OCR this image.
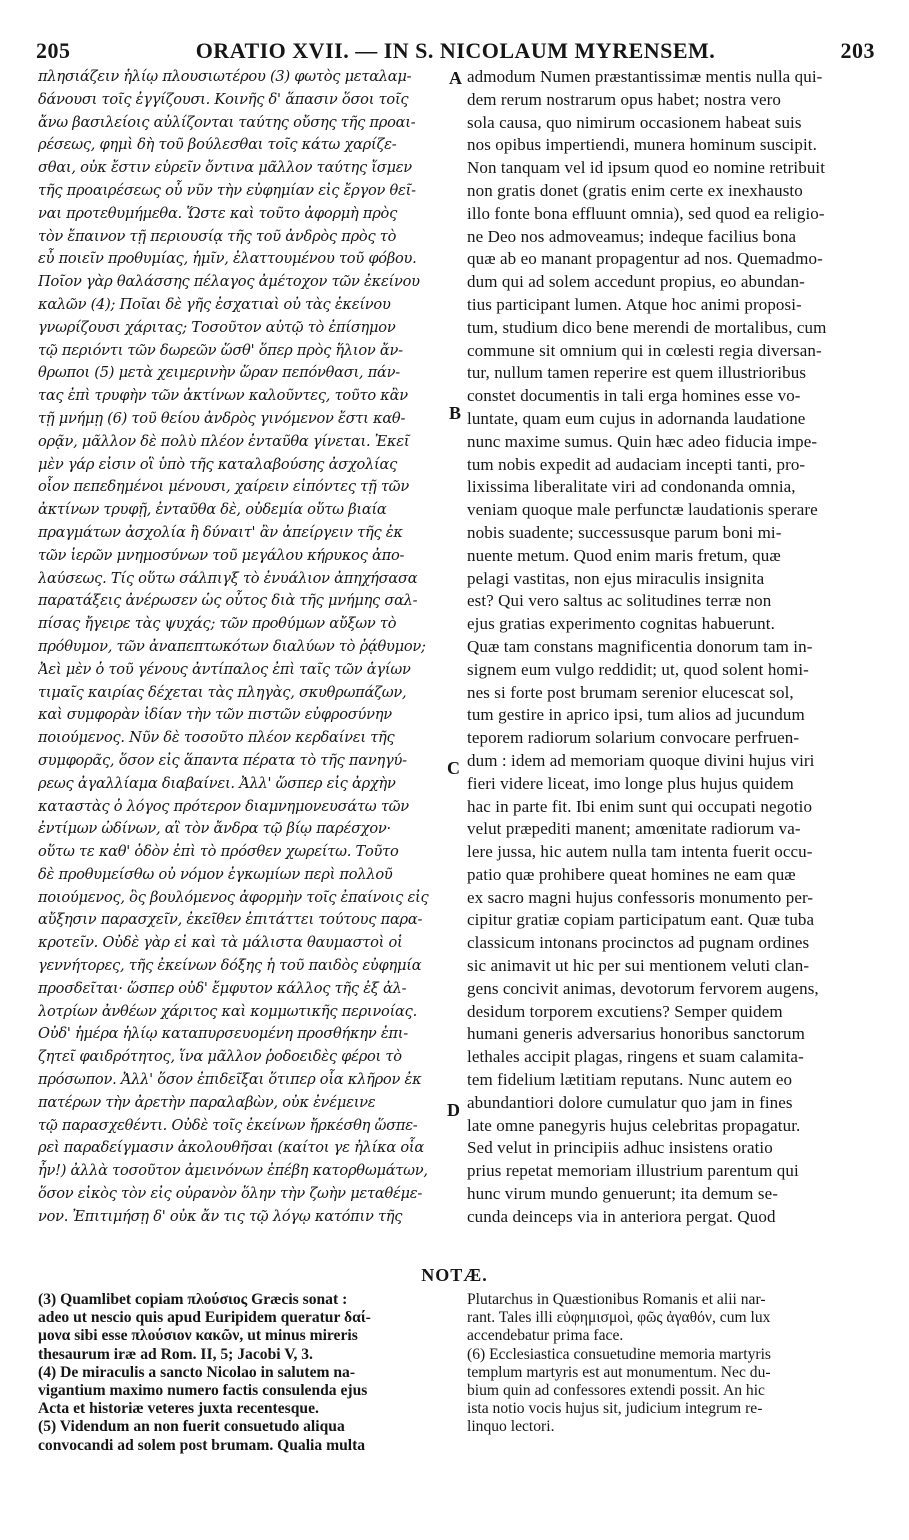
205	ORATIO XVII. — IN S. NICOLAUM MYRENSEM.	203
πλησιάζειν ἡλίῳ πλουσιωτέρου (3) φωτὸς μεταλαμ-
δάνουσι τοῖς ἐγγίζουσι. Κοινῆς δ' ἅπασιν ὅσοι τοῖς
ἄνω βασιλείοις αὐλίζονται ταύτης οὔσης τῆς προαι-
ρέσεως, φημὶ δὴ τοῦ βούλεσθαι τοῖς κάτω χαρίζε-
σθαι, οὐκ ἔστιν εὑρεῖν ὄντινα μᾶλλον ταύτης ἴσμεν
τῆς προαιρέσεως οὗ νῦν τὴν εὐφημίαν εἰς ἔργον θεῖ-
ναι προτεθυμήμεθα. Ὥστε καὶ τοῦτο ἀφορμὴ πρὸς
τὸν ἔπαινον τῇ περιουσίᾳ τῆς τοῦ ἀνδρὸς πρὸς τὸ
εὖ ποιεῖν προθυμίας, ἡμῖν, ἐλαττουμένου τοῦ φόβου.
Ποῖον γὰρ θαλάσσης πέλαγος ἀμέτοχον τῶν ἐκείνου
καλῶν (4); Ποῖαι δὲ γῆς ἐσχατιαὶ οὐ τὰς ἐκείνου
γνωρίζουσι χάριτας; Τοσοῦτον αὐτῷ τὸ ἐπίσημον
τῷ περιόντι τῶν δωρεῶν ὥσθ' ὅπερ πρὸς ἥλιον ἄν-
θρωποι (5) μετὰ χειμερινὴν ὥραν πεπόνθασι, πάν-
τας ἐπὶ τρυφὴν τῶν ἀκτίνων καλοῦντες, τοῦτο κἂν
τῇ μνήμῃ (6) τοῦ θείου ἀνδρὸς γινόμενον ἔστι καθ-
ορᾷν, μᾶλλον δὲ πολὺ πλέον ἐνταῦθα γίνεται. Ἐκεῖ
μὲν γάρ εἰσιν οἳ ὑπὸ τῆς καταλαβούσης ἀσχολίας
οἷον πεπεδημένοι μένουσι, χαίρειν εἰπόντες τῇ τῶν
ἀκτίνων τρυφῇ, ἐνταῦθα δὲ, οὐδεμία οὕτω βιαία
πραγμάτων ἀσχολία ἢ δύναιτ' ἂν ἀπείργειν τῆς ἐκ
τῶν ἱερῶν μνημοσύνων τοῦ μεγάλου κήρυκος ἀπο-
λαύσεως. Τίς οὕτω σάλπιγξ τὸ ἐνυάλιον ἀπηχήσασα
παρατάξεις ἀνέρωσεν ὡς οὗτος διὰ τῆς μνήμης σαλ-
πίσας ἤγειρε τὰς ψυχάς; τῶν προθύμων αὔξων τὸ
πρόθυμον, τῶν ἀναπεπτωκότων διαλύων τὸ ῥᾴθυμον;
Ἀεὶ μὲν ὁ τοῦ γένους ἀντίπαλος ἐπὶ ταῖς τῶν ἁγίων
τιμαῖς καιρίας δέχεται τὰς πληγὰς, σκυθρωπάζων,
καὶ συμφορὰν ἰδίαν τὴν τῶν πιστῶν εὐφροσύνην
ποιούμενος. Νῦν δὲ τοσοῦτο πλέον κερδαίνει τῆς
συμφορᾶς, ὅσον εἰς ἅπαντα πέρατα τὸ τῆς πανηγύ-
ρεως ἀγαλλίαμα διαβαίνει. Ἀλλ' ὥσπερ εἰς ἀρχὴν
καταστὰς ὁ λόγος πρότερον διαμνημονευσάτω τῶν
ἐντίμων ὠδίνων, αἳ τὸν ἄνδρα τῷ βίῳ παρέσχον·
οὕτω τε καθ' ὁδὸν ἐπὶ τὸ πρόσθεν χωρείτω. Τοῦτο
δὲ προθυμείσθω οὐ νόμον ἐγκωμίων περὶ πολλοῦ
ποιούμενος, ὃς βουλόμενος ἀφορμὴν τοῖς ἐπαίνοις εἰς
αὔξησιν παρασχεῖν, ἐκεῖθεν ἐπιτάττει τούτους παρα-
κροτεῖν. Οὐδὲ γὰρ εἰ καὶ τὰ μάλιστα θαυμαστοὶ οἱ
γεννήτορες, τῆς ἐκείνων δόξης ἡ τοῦ παιδὸς εὐφημία
προσδεῖται· ὥσπερ οὐδ' ἔμφυτον κάλλος τῆς ἐξ ἀλ-
λοτρίων ἀνθέων χάριτος καὶ κομμωτικῆς περινοίας.
Οὐδ' ἡμέρα ἡλίῳ καταπυρσευομένη προσθήκην ἐπι-
ζητεῖ φαιδρότητος, ἵνα μᾶλλον ῥοδοειδὲς φέροι τὸ
πρόσωπον. Ἀλλ' ὅσον ἐπιδεῖξαι ὅτιπερ οἷα κλῆρον ἐκ
πατέρων τὴν ἀρετὴν παραλαβὼν, οὐκ ἐνέμεινε
τῷ παρασχεθέντι. Οὐδὲ τοῖς ἐκείνων ἤρκέσθη ὥσπε-
ρεὶ παραδείγμασιν ἀκολουθῆσαι (καίτοι γε ἠλίκα οἷα
ἦν!) ἀλλὰ τοσοῦτον ἀμεινόνων ἐπέβη κατορθωμάτων,
ὅσον εἰκὸς τὸν εἰς οὐρανὸν ὅλην τὴν ζωὴν μεταθέμε-
νον. Ἐπιτιμήσῃ δ' οὐκ ἄν τις τῷ λόγῳ κατόπιν τῆς
admodum Numen præstantissimæ mentis nulla qui-
dem rerum nostrarum opus habet; nostra vero
sola causa, quo nimirum occasionem habeat suis
nos opibus impertiendi, munera hominum suscipit.
Non tanquam vel id ipsum quod eo nomine retribuit
non gratis donet (gratis enim certe ex inexhausto
illo fonte bona effluunt omnia), sed quod ea religio-
ne Deo nos admoveamus; indeque facilius bona
quæ ab eo manant propagentur ad nos. Quemadmo-
dum qui ad solem accedunt propius, eo abundan-
tius participant lumen. Atque hoc animi proposi-
tum, studium dico bene merendi de mortalibus, cum
commune sit omnium qui in cœlesti regia diversan-
tur, nullum tamen reperire est quem illustrioribus
constet documentis in tali erga homines esse vo-
luntate, quam eum cujus in adornanda laudatione
nunc maxime sumus. Quin hæc adeo fiducia impe-
tum nobis expedit ad audaciam incepti tanti, pro-
lixissima liberalitate viri ad condonanda omnia,
veniam quoque male perfunctæ laudationis sperare
nobis suadente; successusque parum boni mi-
nuente metum. Quod enim maris fretum, quæ
pelagi vastitas, non ejus miraculis insignita
est? Qui vero saltus ac solitudines terræ non
ejus gratias experimento cognitas habuerunt.
Quæ tam constans magnificentia donorum tam in-
signem eum vulgo reddidit; ut, quod solent homi-
nes si forte post brumam serenior elucescat sol,
tum gestire in aprico ipsi, tum alios ad jucundum
teporem radiorum solarium convocare perfruen-
dum : idem ad memoriam quoque divini hujus viri
fieri videre liceat, imo longe plus hujus quidem
hac in parte fit. Ibi enim sunt qui occupati negotio
velut præpediti manent; amœnitate radiorum va-
lere jussa, hic autem nulla tam intenta fuerit occu-
patio quæ prohibere queat homines ne eam quæ
ex sacro magni hujus confessoris monumento per-
cipitur gratiæ copiam participatum eant. Quæ tuba
classicum intonans procinctos ad pugnam ordines
sic animavit ut hic per sui mentionem veluti clan-
gens concivit animas, devotorum fervorem augens,
desidum torporem excutiens? Semper quidem
humani generis adversarius honoribus sanctorum
lethales accipit plagas, ringens et suam calamita-
tem fidelium lætitiam reputans. Nunc autem eo
abundantiori dolore cumulatur quo jam in fines
late omne panegyris hujus celebritas propagatur.
Sed velut in principiis adhuc insistens oratio
prius repetat memoriam illustrium parentum qui
hunc virum mundo genuerunt; ita demum se-
cunda deinceps via in anteriora pergat. Quod
A
B
C
D
NOTÆ.
(3) Quamlibet copiam πλούσιος Græcis sonat :
adeo ut nescio quis apud Euripidem queratur δαί-
μονα sibi esse πλούσιον κακῶν, ut minus mireris
thesaurum iræ ad Rom. II, 5; Jacobi V, 3.
(4) De miraculis a sancto Nicolao in salutem na-
vigantium maximo numero factis consulenda ejus
Acta et historiæ veteres juxta recentesque.
(5) Videndum an non fuerit consuetudo aliqua
convocandi ad solem post brumam. Qualia multa
Plutarchus in Quæstionibus Romanis et alii nar-
rant. Tales illi εὐφημισμοὶ, φῶς ἀγαθόν, cum lux
accendebatur prima face.
(6) Ecclesiastica consuetudine memoria martyris
templum martyris est aut monumentum. Nec du-
bium quin ad confessores extendi possit. An hic
ista notio vocis hujus sit, judicium integrum re-
linquo lectori.
